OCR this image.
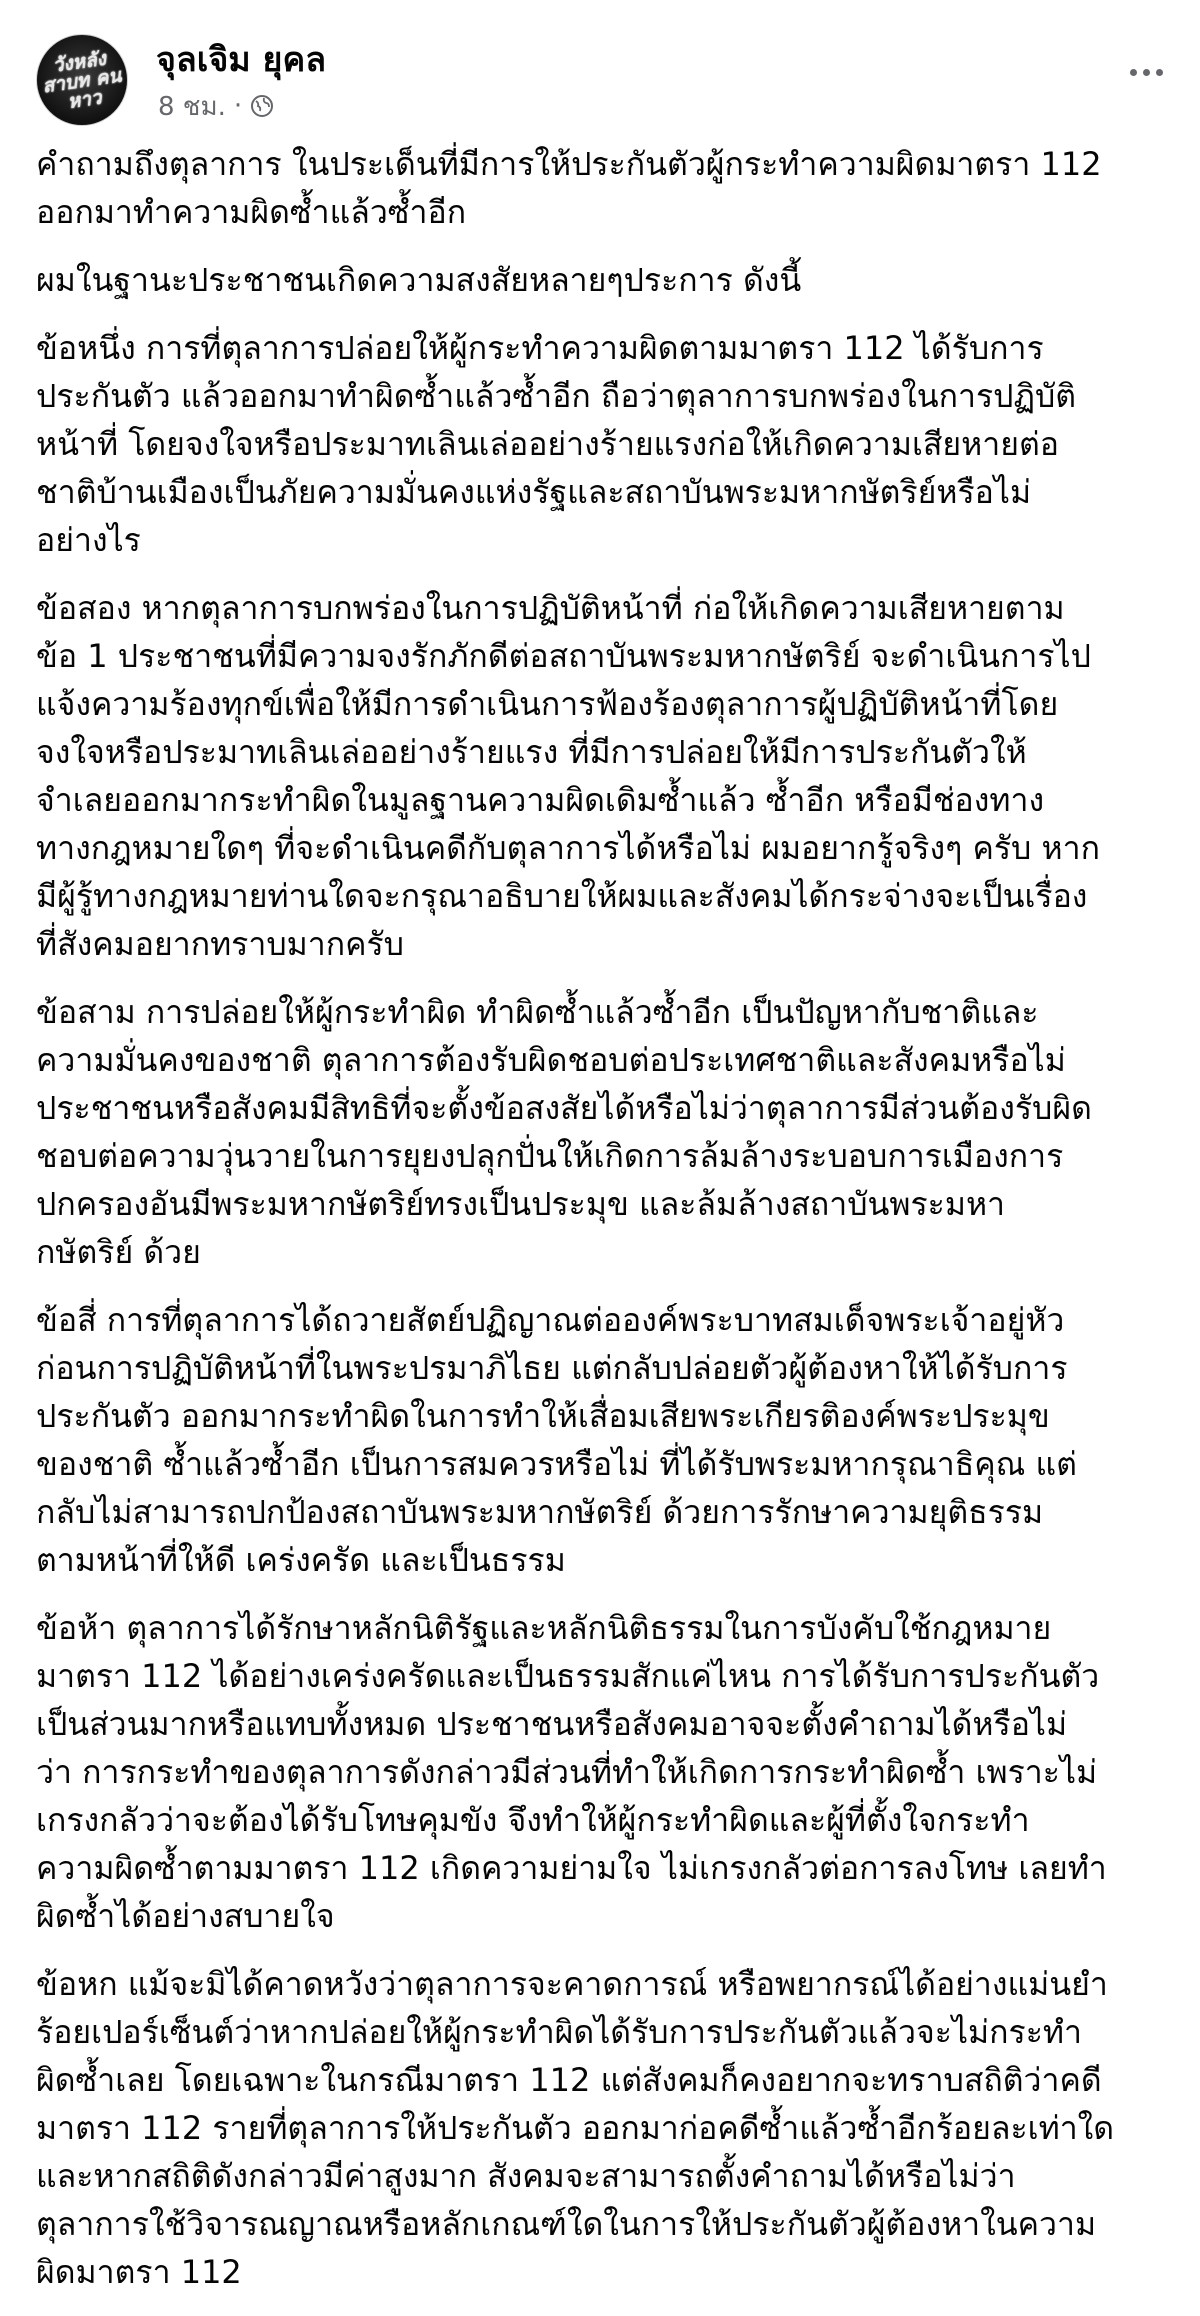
วังหลัง สาบท คนหาว
จุลเจิม ยุคล
8 ชม. ·

คำถามถึงตุลาการ ในประเด็นที่มีการให้ประกันตัวผู้กระทำความผิดมาตรา 112
ออกมาทำความผิดซ้ำแล้วซ้ำอีก

ผมในฐานะประชาชนเกิดความสงสัยหลายๆประการ ดังนี้

ข้อหนึ่ง การที่ตุลาการปล่อยให้ผู้กระทำความผิดตามมาตรา 112 ได้รับการ
ประกันตัว แล้วออกมาทำผิดซ้ำแล้วซ้ำอีก ถือว่าตุลาการบกพร่องในการปฏิบัติ
หน้าที่ โดยจงใจหรือประมาทเลินเล่ออย่างร้ายแรงก่อให้เกิดความเสียหายต่อ
ชาติบ้านเมืองเป็นภัยความมั่นคงแห่งรัฐและสถาบันพระมหากษัตริย์หรือไม่
อย่างไร

ข้อสอง หากตุลาการบกพร่องในการปฏิบัติหน้าที่ ก่อให้เกิดความเสียหายตาม
ข้อ 1 ประชาชนที่มีความจงรักภักดีต่อสถาบันพระมหากษัตริย์ จะดำเนินการไป
แจ้งความร้องทุกข์เพื่อให้มีการดำเนินการฟ้องร้องตุลาการผู้ปฏิบัติหน้าที่โดย
จงใจหรือประมาทเลินเล่ออย่างร้ายแรง ที่มีการปล่อยให้มีการประกันตัวให้
จำเลยออกมากระทำผิดในมูลฐานความผิดเดิมซ้ำแล้ว ซ้ำอีก หรือมีช่องทาง
ทางกฎหมายใดๆ ที่จะดำเนินคดีกับตุลาการได้หรือไม่ ผมอยากรู้จริงๆ ครับ หาก
มีผู้รู้ทางกฎหมายท่านใดจะกรุณาอธิบายให้ผมและสังคมได้กระจ่างจะเป็นเรื่อง
ที่สังคมอยากทราบมากครับ

ข้อสาม การปล่อยให้ผู้กระทำผิด ทำผิดซ้ำแล้วซ้ำอีก เป็นปัญหากับชาติและ
ความมั่นคงของชาติ ตุลาการต้องรับผิดชอบต่อประเทศชาติและสังคมหรือไม่
ประชาชนหรือสังคมมีสิทธิที่จะตั้งข้อสงสัยได้หรือไม่ว่าตุลาการมีส่วนต้องรับผิด
ชอบต่อความวุ่นวายในการยุยงปลุกปั่นให้เกิดการล้มล้างระบอบการเมืองการ
ปกครองอันมีพระมหากษัตริย์ทรงเป็นประมุข และล้มล้างสถาบันพระมหา
กษัตริย์ ด้วย

ข้อสี่ การที่ตุลาการได้ถวายสัตย์ปฏิญาณต่อองค์พระบาทสมเด็จพระเจ้าอยู่หัว
ก่อนการปฏิบัติหน้าที่ในพระปรมาภิไธย แต่กลับปล่อยตัวผู้ต้องหาให้ได้รับการ
ประกันตัว ออกมากระทำผิดในการทำให้เสื่อมเสียพระเกียรติองค์พระประมุข
ของชาติ ซ้ำแล้วซ้ำอีก เป็นการสมควรหรือไม่ ที่ได้รับพระมหากรุณาธิคุณ แต่
กลับไม่สามารถปกป้องสถาบันพระมหากษัตริย์ ด้วยการรักษาความยุติธรรม
ตามหน้าที่ให้ดี เคร่งครัด และเป็นธรรม

ข้อห้า ตุลาการได้รักษาหลักนิติรัฐและหลักนิติธรรมในการบังคับใช้กฎหมาย
มาตรา 112 ได้อย่างเคร่งครัดและเป็นธรรมสักแค่ไหน การได้รับการประกันตัว
เป็นส่วนมากหรือแทบทั้งหมด ประชาชนหรือสังคมอาจจะตั้งคำถามได้หรือไม่
ว่า การกระทำของตุลาการดังกล่าวมีส่วนที่ทำให้เกิดการกระทำผิดซ้ำ เพราะไม่
เกรงกลัวว่าจะต้องได้รับโทษคุมขัง จึงทำให้ผู้กระทำผิดและผู้ที่ตั้งใจกระทำ
ความผิดซ้ำตามมาตรา 112 เกิดความย่ามใจ ไม่เกรงกลัวต่อการลงโทษ เลยทำ
ผิดซ้ำได้อย่างสบายใจ

ข้อหก แม้จะมิได้คาดหวังว่าตุลาการจะคาดการณ์ หรือพยากรณ์ได้อย่างแม่นยำ
ร้อยเปอร์เซ็นต์ว่าหากปล่อยให้ผู้กระทำผิดได้รับการประกันตัวแล้วจะไม่กระทำ
ผิดซ้ำเลย โดยเฉพาะในกรณีมาตรา 112 แต่สังคมก็คงอยากจะทราบสถิติว่าคดี
มาตรา 112 รายที่ตุลาการให้ประกันตัว ออกมาก่อคดีซ้ำแล้วซ้ำอีกร้อยละเท่าใด
และหากสถิติดังกล่าวมีค่าสูงมาก สังคมจะสามารถตั้งคำถามได้หรือไม่ว่า
ตุลาการใช้วิจารณญาณหรือหลักเกณฑ์ใดในการให้ประกันตัวผู้ต้องหาในความ
ผิดมาตรา 112
